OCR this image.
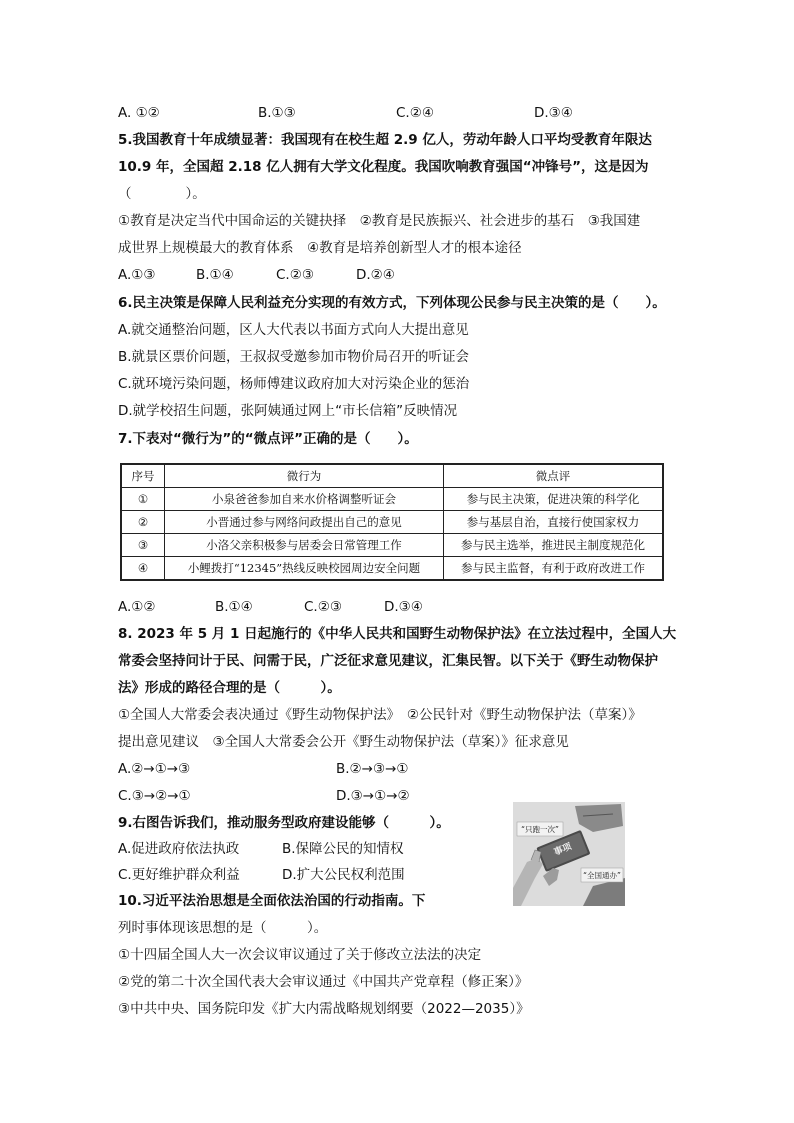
A. ①②	B.①③	C.②④	D.③④
5.我国教育十年成绩显著：我国现有在校生超 2.9 亿人，劳动年龄人口平均受教育年限达
10.9 年，全国超 2.18 亿人拥有大学文化程度。我国吹响教育强国“冲锋号”，这是因为
（　　　　）。
①教育是决定当代中国命运的关键抉择　②教育是民族振兴、社会进步的基石　③我国建
成世界上规模最大的教育体系　④教育是培养创新型人才的根本途径
A.①③	B.①④	C.②③	D.②④
6.民主决策是保障人民利益充分实现的有效方式，下列体现公民参与民主决策的是（　　）。
A.就交通整治问题，区人大代表以书面方式向人大提出意见
B.就景区票价问题，王叔叔受邀参加市物价局召开的听证会
C.就环境污染问题，杨师傅建议政府加大对污染企业的惩治
D.就学校招生问题，张阿姨通过网上“市长信箱”反映情况
7.下表对“微行为”的“微点评”正确的是（　　）。
序号	微行为	微点评
①	小泉爸爸参加自来水价格调整听证会	参与民主决策，促进决策的科学化
②	小晋通过参与网络问政提出自己的意见	参与基层自治，直接行使国家权力
③	小洛父亲积极参与居委会日常管理工作	参与民主选举，推进民主制度规范化
④	小鲤拨打“12345”热线反映校园周边安全问题	参与民主监督，有利于政府改进工作
A.①②	B.①④	C.②③	D.③④
8. 2023 年 5 月 1 日起施行的《中华人民共和国野生动物保护法》在立法过程中，全国人大
常委会坚持问计于民、问需于民，广泛征求意见建议，汇集民智。以下关于《野生动物保护
法》形成的路径合理的是（　　　）。
①全国人大常委会表决通过《野生动物保护法》　②公民针对《野生动物保护法（草案）》
提出意见建议　③全国人大常委会公开《野生动物保护法（草案）》征求意见
A.②→①→③	B.②→③→①
C.③→②→①	D.③→①→②
9.右图告诉我们，推动服务型政府建设能够（　　　）。
A.促进政府依法执政	B.保障公民的知情权
C.更好维护群众利益	D.扩大公民权利范围
“只跑一次”
事项
“全国通办”
10.习近平法治思想是全面依法治国的行动指南。下
列时事体现该思想的是（　　　）。
①十四届全国人大一次会议审议通过了关于修改立法法的决定
②党的第二十次全国代表大会审议通过《中国共产党章程（修正案）》
③中共中央、国务院印发《扩大内需战略规划纲要（2022—2035）》
